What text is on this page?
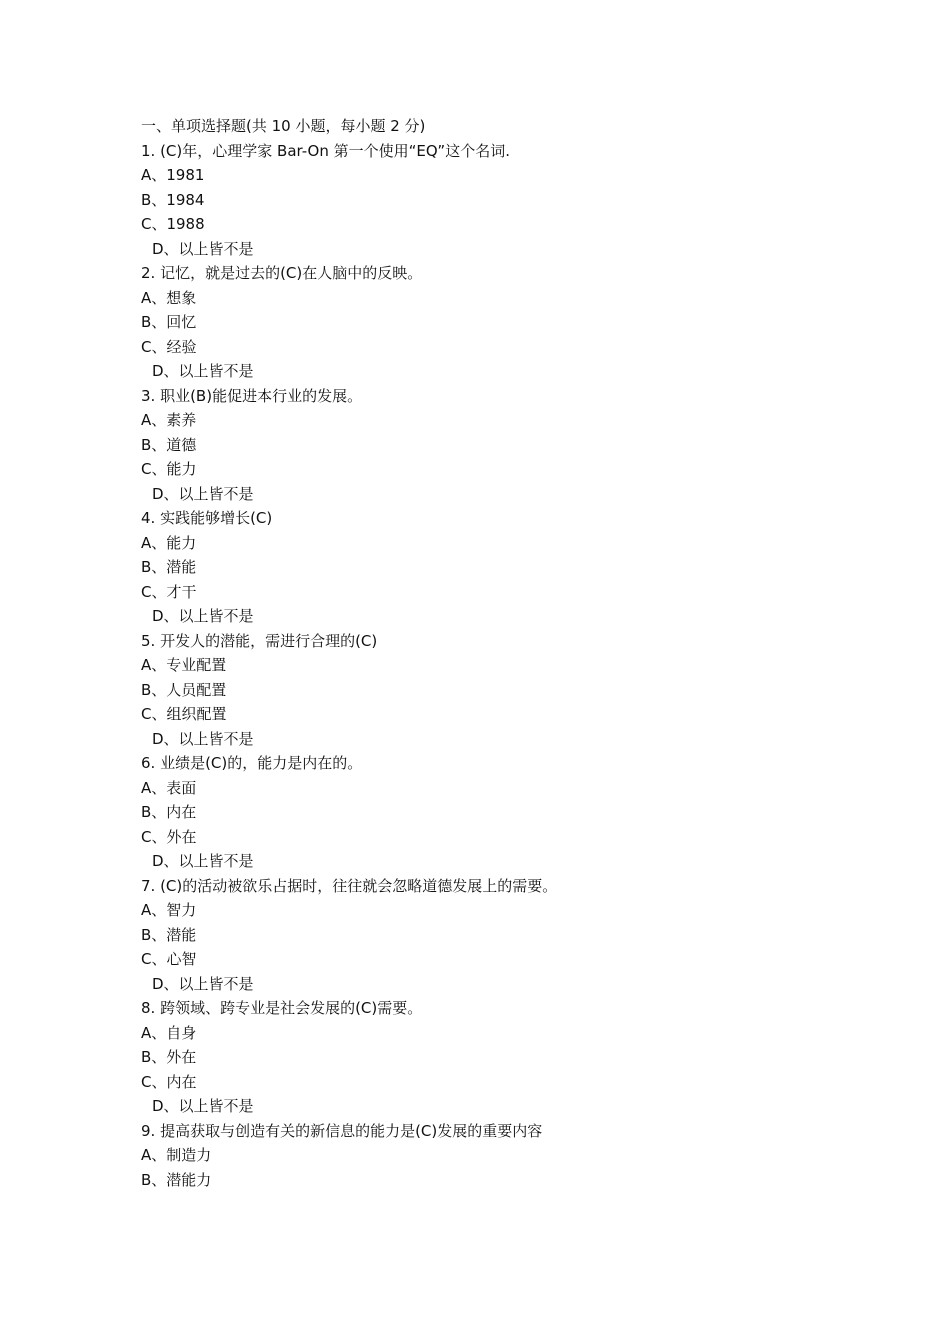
一、单项选择题(共 10 小题，每小题 2 分)
1. (C)年，心理学家 Bar-On 第一个使用“EQ”这个名词.
A、1981
B、1984
C、1988
D、以上皆不是
2. 记忆，就是过去的(C)在人脑中的反映。
A、想象
B、回忆
C、经验
D、以上皆不是
3. 职业(B)能促进本行业的发展。
A、素养
B、道德
C、能力
D、以上皆不是
4. 实践能够增长(C)
A、能力
B、潜能
C、才干
D、以上皆不是
5. 开发人的潜能，需进行合理的(C)
A、专业配置
B、人员配置
C、组织配置
D、以上皆不是
6. 业绩是(C)的，能力是内在的。
A、表面
B、内在
C、外在
D、以上皆不是
7. (C)的活动被欲乐占据时，往往就会忽略道德发展上的需要。
A、智力
B、潜能
C、心智
D、以上皆不是
8. 跨领域、跨专业是社会发展的(C)需要。
A、自身
B、外在
C、内在
D、以上皆不是
9. 提高获取与创造有关的新信息的能力是(C)发展的重要内容
A、制造力
B、潜能力
